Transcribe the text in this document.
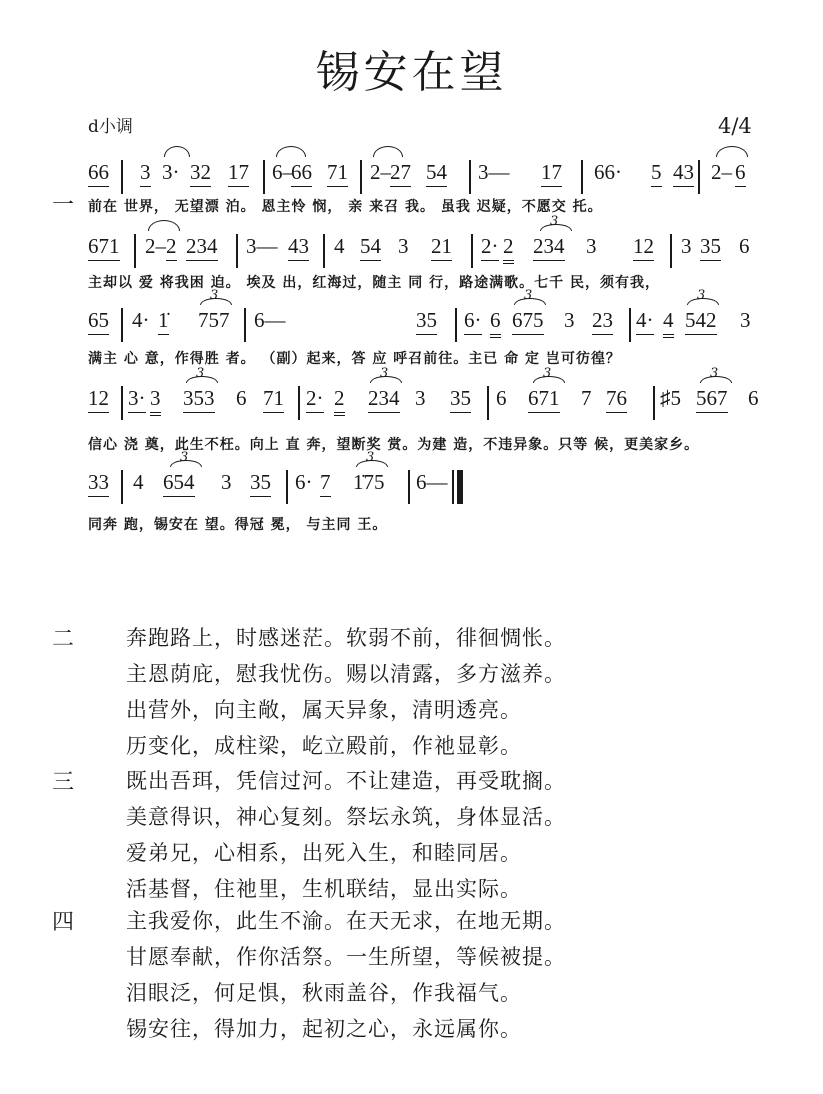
锡安在望
d小调	4/4
一
66 3 3· 32 17 6–
66 71 2– 27 54 3–– 17 66· 5 43 2– 6
前在 世界， 无望漂 泊。 恩主怜 悯， 亲 来召 我。 虽我 迟疑，不愿交 托。
671 2– 2 234 3–– 43 4 54 3 21 2· 2
3
234 3 12 3 35 6
主却以 爱 将我困 迫。 埃及 出，红海过，随主 同 行，路途满歌。七千 民，须有我，
65 4· 1̇
3
757 6––	35 6· 6
3
675 3 23 4· 4
3
542 3
满主 心 意，作得胜 者。 （副）起来，答 应 呼召前往。主已 命 定 岂可彷徨？
12 3· 3
3
353 6 71 2· 2
3
234 3 35 6
3
671 7 76 ♯5
3
567 6
信心 浇 奠，此生不枉。向上 直 奔，望断奖 赏。为建 造，不违异象。只等 候，更美家乡。
33 4
3
654 3 35 6· 7
3
1̇75 6––
同奔 跑，锡安在 望。得冠 冕， 与主同 王。
二 奔跑路上，时感迷茫。软弱不前，徘徊惆怅。
主恩荫庇，慰我忧伤。赐以清露，多方滋养。
出营外，向主敞，属天异象，清明透亮。
历变化，成柱梁，屹立殿前，作祂显彰。
三 既出吾珥，凭信过河。不让建造，再受耽搁。
美意得识，神心复刻。祭坛永筑，身体显活。
爱弟兄，心相系，出死入生，和睦同居。
活基督，住祂里，生机联结，显出实际。
四 主我爱你，此生不渝。在天无求，在地无期。
甘愿奉献，作你活祭。一生所望，等候被提。
泪眼泛，何足惧，秋雨盖谷，作我福气。
锡安往，得加力，起初之心，永远属你。
